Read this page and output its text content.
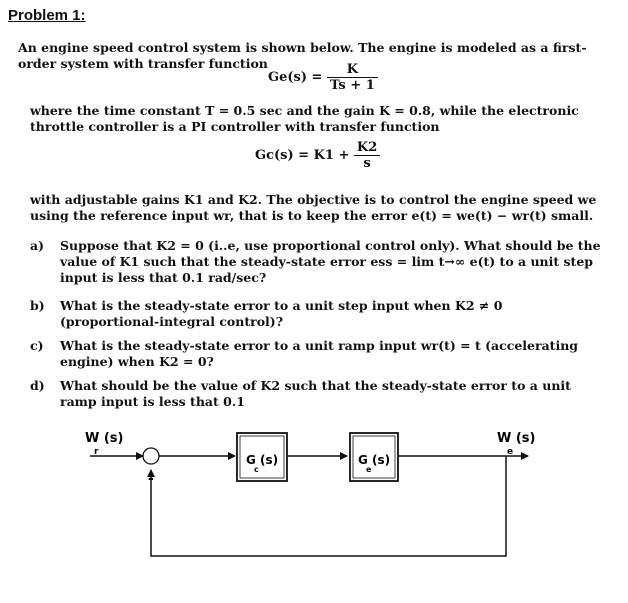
Problem 1:
An engine speed control system is shown below. The engine is modeled as a first-order system with transfer function
$Ge(s) = \frac{K}{Ts + 1}$
where the time constant T = 0.5 sec and the gain K = 0.8, while the electronic throttle controller is a PI controller with transfer function
$Gc(s) = K1 + \frac{K2}{s}$
with adjustable gains K1 and K2. The objective is to control the engine speed we using the reference input wr, that is to keep the error e(t) = we(t) − wr(t) small.
a) Suppose that K2 = 0 (i..e, use proportional control only). What should be the value of K1 such that the steady-state error ess = lim t→∞ e(t) to a unit step input is less that 0.1 rad/sec?
b) What is the steady-state error to a unit step input when K2 ≠ 0 (proportional-integral control)?
c) What is the steady-state error to a unit ramp input wr(t) = t (accelerating engine) when K2 = 0?
d) What should be the value of K2 such that the steady-state error to a unit ramp input is less that 0.1
W (s)
r
-
G (s)
c
G (s)
e
W (s)
e
